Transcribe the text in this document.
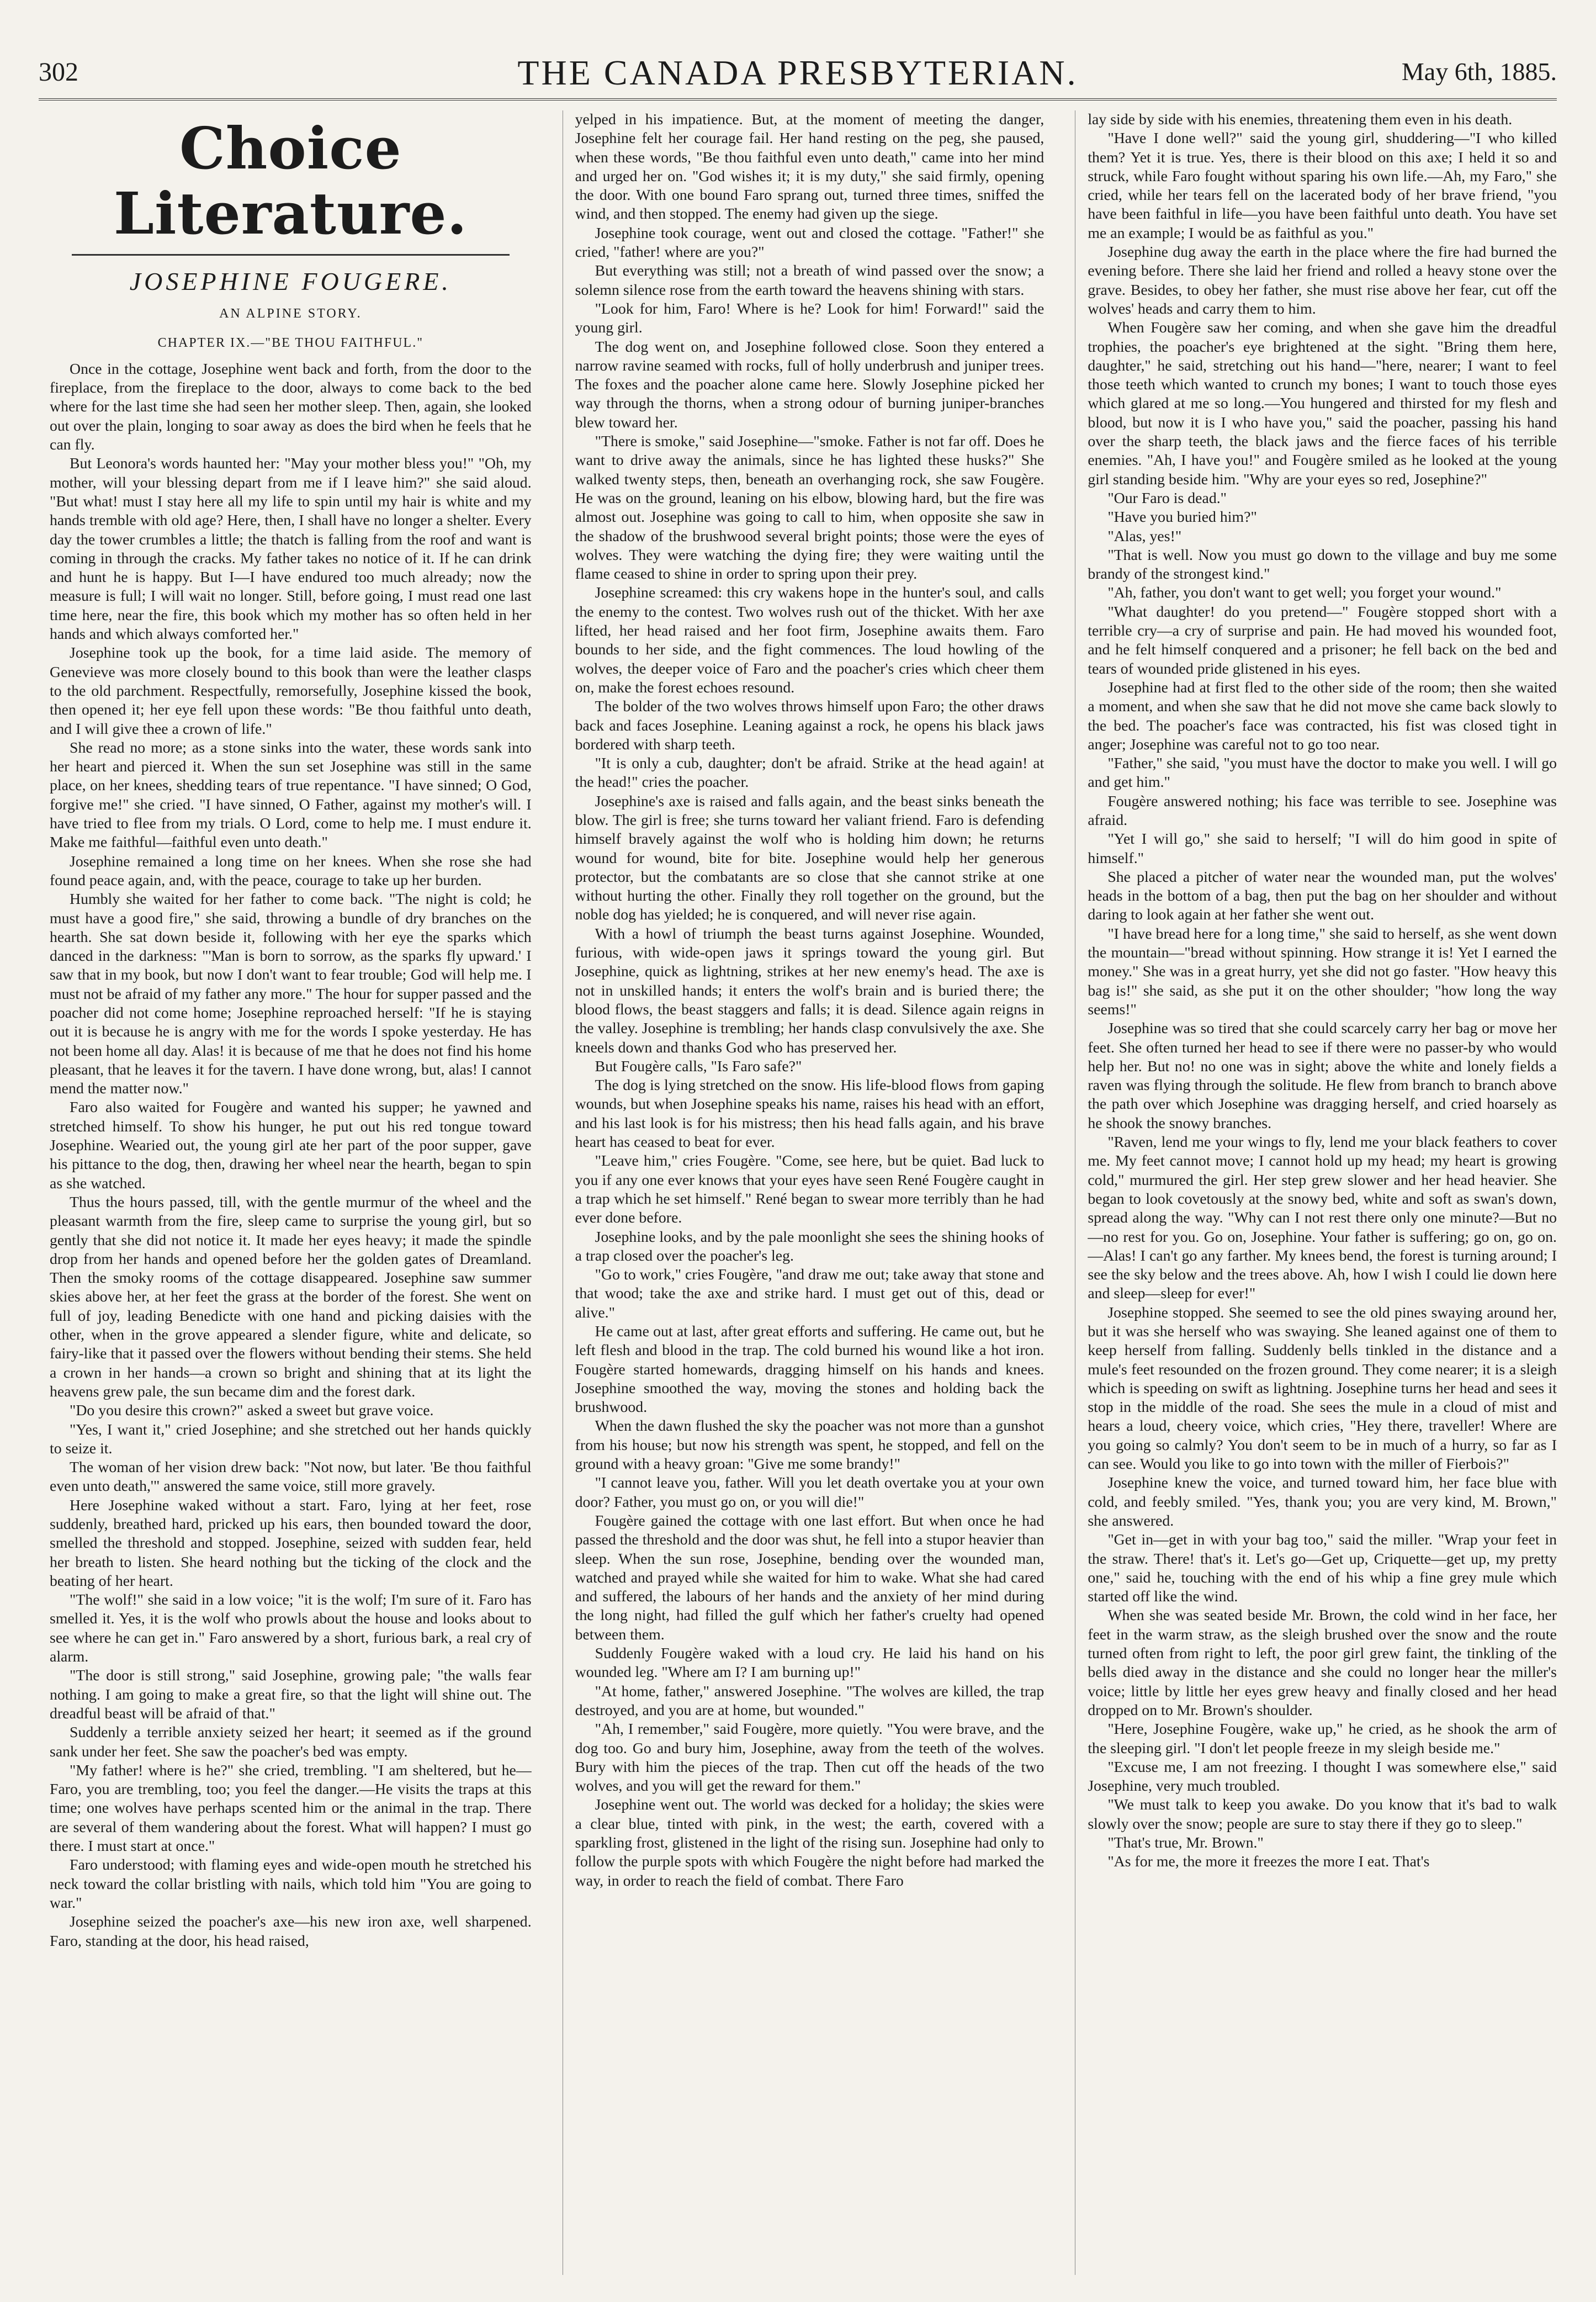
302	THE CANADA PRESBYTERIAN.	May 6th, 1885.
Choice Literature.
JOSEPHINE FOUGERE.
AN ALPINE STORY.
CHAPTER IX.—"BE THOU FAITHFUL."

Once in the cottage, Josephine went back and forth, from the door to the fireplace, from the fireplace to the door, always to come back to the bed where for the last time she had seen her mother sleep. Then, again, she looked out over the plain, longing to soar away as does the bird when he feels that he can fly.

But Leonora's words haunted her: "May your mother bless you!" "Oh, my mother, will your blessing depart from me if I leave him?" she said aloud. "But what! must I stay here all my life to spin until my hair is white and my hands tremble with old age? Here, then, I shall have no longer a shelter. Every day the tower crumbles a little; the thatch is falling from the roof and want is coming in through the cracks. My father takes no notice of it. If he can drink and hunt he is happy. But I—I have endured too much already; now the measure is full; I will wait no longer. Still, before going, I must read one last time here, near the fire, this book which my mother has so often held in her hands and which always comforted her."

Josephine took up the book, for a time laid aside. The memory of Genevieve was more closely bound to this book than were the leather clasps to the old parchment. Respectfully, remorsefully, Josephine kissed the book, then opened it; her eye fell upon these words: "Be thou faithful unto death, and I will give thee a crown of life."

She read no more; as a stone sinks into the water, these words sank into her heart and pierced it. When the sun set Josephine was still in the same place, on her knees, shedding tears of true repentance. "I have sinned; O God, forgive me!" she cried. "I have sinned, O Father, against my mother's will. I have tried to flee from my trials. O Lord, come to help me. I must endure it. Make me faithful—faithful even unto death."

Josephine remained a long time on her knees. When she rose she had found peace again, and, with the peace, courage to take up her burden.

Humbly she waited for her father to come back. "The night is cold; he must have a good fire," she said, throwing a bundle of dry branches on the hearth. She sat down beside it, following with her eye the sparks which danced in the darkness: "'Man is born to sorrow, as the sparks fly upward.' I saw that in my book, but now I don't want to fear trouble; God will help me. I must not be afraid of my father any more." The hour for supper passed and the poacher did not come home; Josephine reproached herself: "If he is staying out it is because he is angry with me for the words I spoke yesterday. He has not been home all day. Alas! it is because of me that he does not find his home pleasant, that he leaves it for the tavern. I have done wrong, but, alas! I cannot mend the matter now."

Faro also waited for Fougère and wanted his supper; he yawned and stretched himself. To show his hunger, he put out his red tongue toward Josephine. Wearied out, the young girl ate her part of the poor supper, gave his pittance to the dog, then, drawing her wheel near the hearth, began to spin as she watched.

Thus the hours passed, till, with the gentle murmur of the wheel and the pleasant warmth from the fire, sleep came to surprise the young girl, but so gently that she did not notice it. It made her eyes heavy; it made the spindle drop from her hands and opened before her the golden gates of Dreamland. Then the smoky rooms of the cottage disappeared. Josephine saw summer skies above her, at her feet the grass at the border of the forest. She went on full of joy, leading Benedicte with one hand and picking daisies with the other, when in the grove appeared a slender figure, white and delicate, so fairy-like that it passed over the flowers without bending their stems. She held a crown in her hands—a crown so bright and shining that at its light the heavens grew pale, the sun became dim and the forest dark.

"Do you desire this crown?" asked a sweet but grave voice.

"Yes, I want it," cried Josephine; and she stretched out her hands quickly to seize it.

The woman of her vision drew back: "Not now, but later. 'Be thou faithful even unto death,'" answered the same voice, still more gravely.

Here Josephine waked without a start. Faro, lying at her feet, rose suddenly, breathed hard, pricked up his ears, then bounded toward the door, smelled the threshold and stopped. Josephine, seized with sudden fear, held her breath to listen. She heard nothing but the ticking of the clock and the beating of her heart.

"The wolf!" she said in a low voice; "it is the wolf; I'm sure of it. Faro has smelled it. Yes, it is the wolf who prowls about the house and looks about to see where he can get in." Faro answered by a short, furious bark, a real cry of alarm.

"The door is still strong," said Josephine, growing pale; "the walls fear nothing. I am going to make a great fire, so that the light will shine out. The dreadful beast will be afraid of that."

Suddenly a terrible anxiety seized her heart; it seemed as if the ground sank under her feet. She saw the poacher's bed was empty.

"My father! where is he?" she cried, trembling. "I am sheltered, but he—Faro, you are trembling, too; you feel the danger.—He visits the traps at this time; one wolves have perhaps scented him or the animal in the trap. There are several of them wandering about the forest. What will happen? I must go there. I must start at once."

Faro understood; with flaming eyes and wide-open mouth he stretched his neck toward the collar bristling with nails, which told him "You are going to war."

Josephine seized the poacher's axe—his new iron axe, well sharpened. Faro, standing at the door, his head raised,

yelped in his impatience. But, at the moment of meeting the danger, Josephine felt her courage fail. Her hand resting on the peg, she paused, when these words, "Be thou faithful even unto death," came into her mind and urged her on. "God wishes it; it is my duty," she said firmly, opening the door. With one bound Faro sprang out, turned three times, sniffed the wind, and then stopped. The enemy had given up the siege.

Josephine took courage, went out and closed the cottage. "Father!" she cried, "father! where are you?"

But everything was still; not a breath of wind passed over the snow; a solemn silence rose from the earth toward the heavens shining with stars.

"Look for him, Faro! Where is he? Look for him! Forward!" said the young girl.

The dog went on, and Josephine followed close. Soon they entered a narrow ravine seamed with rocks, full of holly underbrush and juniper trees. The foxes and the poacher alone came here. Slowly Josephine picked her way through the thorns, when a strong odour of burning juniper-branches blew toward her.

"There is smoke," said Josephine—"smoke. Father is not far off. Does he want to drive away the animals, since he has lighted these husks?" She walked twenty steps, then, beneath an overhanging rock, she saw Fougère. He was on the ground, leaning on his elbow, blowing hard, but the fire was almost out. Josephine was going to call to him, when opposite she saw in the shadow of the brushwood several bright points; those were the eyes of wolves. They were watching the dying fire; they were waiting until the flame ceased to shine in order to spring upon their prey.

Josephine screamed: this cry wakens hope in the hunter's soul, and calls the enemy to the contest. Two wolves rush out of the thicket. With her axe lifted, her head raised and her foot firm, Josephine awaits them. Faro bounds to her side, and the fight commences. The loud howling of the wolves, the deeper voice of Faro and the poacher's cries which cheer them on, make the forest echoes resound.

The bolder of the two wolves throws himself upon Faro; the other draws back and faces Josephine. Leaning against a rock, he opens his black jaws bordered with sharp teeth.

"It is only a cub, daughter; don't be afraid. Strike at the head again! at the head!" cries the poacher.

Josephine's axe is raised and falls again, and the beast sinks beneath the blow. The girl is free; she turns toward her valiant friend. Faro is defending himself bravely against the wolf who is holding him down; he returns wound for wound, bite for bite. Josephine would help her generous protector, but the combatants are so close that she cannot strike at one without hurting the other. Finally they roll together on the ground, but the noble dog has yielded; he is conquered, and will never rise again.

With a howl of triumph the beast turns against Josephine. Wounded, furious, with wide-open jaws it springs toward the young girl. But Josephine, quick as lightning, strikes at her new enemy's head. The axe is not in unskilled hands; it enters the wolf's brain and is buried there; the blood flows, the beast staggers and falls; it is dead. Silence again reigns in the valley. Josephine is trembling; her hands clasp convulsively the axe. She kneels down and thanks God who has preserved her.

But Fougère calls, "Is Faro safe?"

The dog is lying stretched on the snow. His life-blood flows from gaping wounds, but when Josephine speaks his name, raises his head with an effort, and his last look is for his mistress; then his head falls again, and his brave heart has ceased to beat for ever.

"Leave him," cries Fougère. "Come, see here, but be quiet. Bad luck to you if any one ever knows that your eyes have seen René Fougère caught in a trap which he set himself." René began to swear more terribly than he had ever done before.

Josephine looks, and by the pale moonlight she sees the shining hooks of a trap closed over the poacher's leg.

"Go to work," cries Fougère, "and draw me out; take away that stone and that wood; take the axe and strike hard. I must get out of this, dead or alive."

He came out at last, after great efforts and suffering. He came out, but he left flesh and blood in the trap. The cold burned his wound like a hot iron. Fougère started homewards, dragging himself on his hands and knees. Josephine smoothed the way, moving the stones and holding back the brushwood.

When the dawn flushed the sky the poacher was not more than a gunshot from his house; but now his strength was spent, he stopped, and fell on the ground with a heavy groan: "Give me some brandy!"

"I cannot leave you, father. Will you let death overtake you at your own door? Father, you must go on, or you will die!"

Fougère gained the cottage with one last effort. But when once he had passed the threshold and the door was shut, he fell into a stupor heavier than sleep. When the sun rose, Josephine, bending over the wounded man, watched and prayed while she waited for him to wake. What she had cared and suffered, the labours of her hands and the anxiety of her mind during the long night, had filled the gulf which her father's cruelty had opened between them.

Suddenly Fougère waked with a loud cry. He laid his hand on his wounded leg. "Where am I? I am burning up!"

"At home, father," answered Josephine. "The wolves are killed, the trap destroyed, and you are at home, but wounded."

"Ah, I remember," said Fougère, more quietly. "You were brave, and the dog too. Go and bury him, Josephine, away from the teeth of the wolves. Bury with him the pieces of the trap. Then cut off the heads of the two wolves, and you will get the reward for them."

Josephine went out. The world was decked for a holiday; the skies were a clear blue, tinted with pink, in the west; the earth, covered with a sparkling frost, glistened in the light of the rising sun. Josephine had only to follow the purple spots with which Fougère the night before had marked the way, in order to reach the field of combat. There Faro

lay side by side with his enemies, threatening them even in his death.

"Have I done well?" said the young girl, shuddering—"I who killed them? Yet it is true. Yes, there is their blood on this axe; I held it so and struck, while Faro fought without sparing his own life.—Ah, my Faro," she cried, while her tears fell on the lacerated body of her brave friend, "you have been faithful in life—you have been faithful unto death. You have set me an example; I would be as faithful as you."

Josephine dug away the earth in the place where the fire had burned the evening before. There she laid her friend and rolled a heavy stone over the grave. Besides, to obey her father, she must rise above her fear, cut off the wolves' heads and carry them to him.

When Fougère saw her coming, and when she gave him the dreadful trophies, the poacher's eye brightened at the sight. "Bring them here, daughter," he said, stretching out his hand—"here, nearer; I want to feel those teeth which wanted to crunch my bones; I want to touch those eyes which glared at me so long.—You hungered and thirsted for my flesh and blood, but now it is I who have you," said the poacher, passing his hand over the sharp teeth, the black jaws and the fierce faces of his terrible enemies. "Ah, I have you!" and Fougère smiled as he looked at the young girl standing beside him. "Why are your eyes so red, Josephine?"

"Our Faro is dead."

"Have you buried him?"

"Alas, yes!"

"That is well. Now you must go down to the village and buy me some brandy of the strongest kind."

"Ah, father, you don't want to get well; you forget your wound."

"What daughter! do you pretend—" Fougère stopped short with a terrible cry—a cry of surprise and pain. He had moved his wounded foot, and he felt himself conquered and a prisoner; he fell back on the bed and tears of wounded pride glistened in his eyes.

Josephine had at first fled to the other side of the room; then she waited a moment, and when she saw that he did not move she came back slowly to the bed. The poacher's face was contracted, his fist was closed tight in anger; Josephine was careful not to go too near.

"Father," she said, "you must have the doctor to make you well. I will go and get him."

Fougère answered nothing; his face was terrible to see. Josephine was afraid.

"Yet I will go," she said to herself; "I will do him good in spite of himself."

She placed a pitcher of water near the wounded man, put the wolves' heads in the bottom of a bag, then put the bag on her shoulder and without daring to look again at her father she went out.

"I have bread here for a long time," she said to herself, as she went down the mountain—"bread without spinning. How strange it is! Yet I earned the money." She was in a great hurry, yet she did not go faster. "How heavy this bag is!" she said, as she put it on the other shoulder; "how long the way seems!"

Josephine was so tired that she could scarcely carry her bag or move her feet. She often turned her head to see if there were no passer-by who would help her. But no! no one was in sight; above the white and lonely fields a raven was flying through the solitude. He flew from branch to branch above the path over which Josephine was dragging herself, and cried hoarsely as he shook the snowy branches.

"Raven, lend me your wings to fly, lend me your black feathers to cover me. My feet cannot move; I cannot hold up my head; my heart is growing cold," murmured the girl. Her step grew slower and her head heavier. She began to look covetously at the snowy bed, white and soft as swan's down, spread along the way. "Why can I not rest there only one minute?—But no—no rest for you. Go on, Josephine. Your father is suffering; go on, go on.—Alas! I can't go any farther. My knees bend, the forest is turning around; I see the sky below and the trees above. Ah, how I wish I could lie down here and sleep—sleep for ever!"

Josephine stopped. She seemed to see the old pines swaying around her, but it was she herself who was swaying. She leaned against one of them to keep herself from falling. Suddenly bells tinkled in the distance and a mule's feet resounded on the frozen ground. They come nearer; it is a sleigh which is speeding on swift as lightning. Josephine turns her head and sees it stop in the middle of the road. She sees the mule in a cloud of mist and hears a loud, cheery voice, which cries, "Hey there, traveller! Where are you going so calmly? You don't seem to be in much of a hurry, so far as I can see. Would you like to go into town with the miller of Fierbois?"

Josephine knew the voice, and turned toward him, her face blue with cold, and feebly smiled. "Yes, thank you; you are very kind, M. Brown," she answered.

"Get in—get in with your bag too," said the miller. "Wrap your feet in the straw. There! that's it. Let's go—Get up, Criquette—get up, my pretty one," said he, touching with the end of his whip a fine grey mule which started off like the wind.

When she was seated beside Mr. Brown, the cold wind in her face, her feet in the warm straw, as the sleigh brushed over the snow and the route turned often from right to left, the poor girl grew faint, the tinkling of the bells died away in the distance and she could no longer hear the miller's voice; little by little her eyes grew heavy and finally closed and her head dropped on to Mr. Brown's shoulder.

"Here, Josephine Fougère, wake up," he cried, as he shook the arm of the sleeping girl. "I don't let people freeze in my sleigh beside me."

"Excuse me, I am not freezing. I thought I was somewhere else," said Josephine, very much troubled.

"We must talk to keep you awake. Do you know that it's bad to walk slowly over the snow; people are sure to stay there if they go to sleep."

"That's true, Mr. Brown."

"As for me, the more it freezes the more I eat. That's
